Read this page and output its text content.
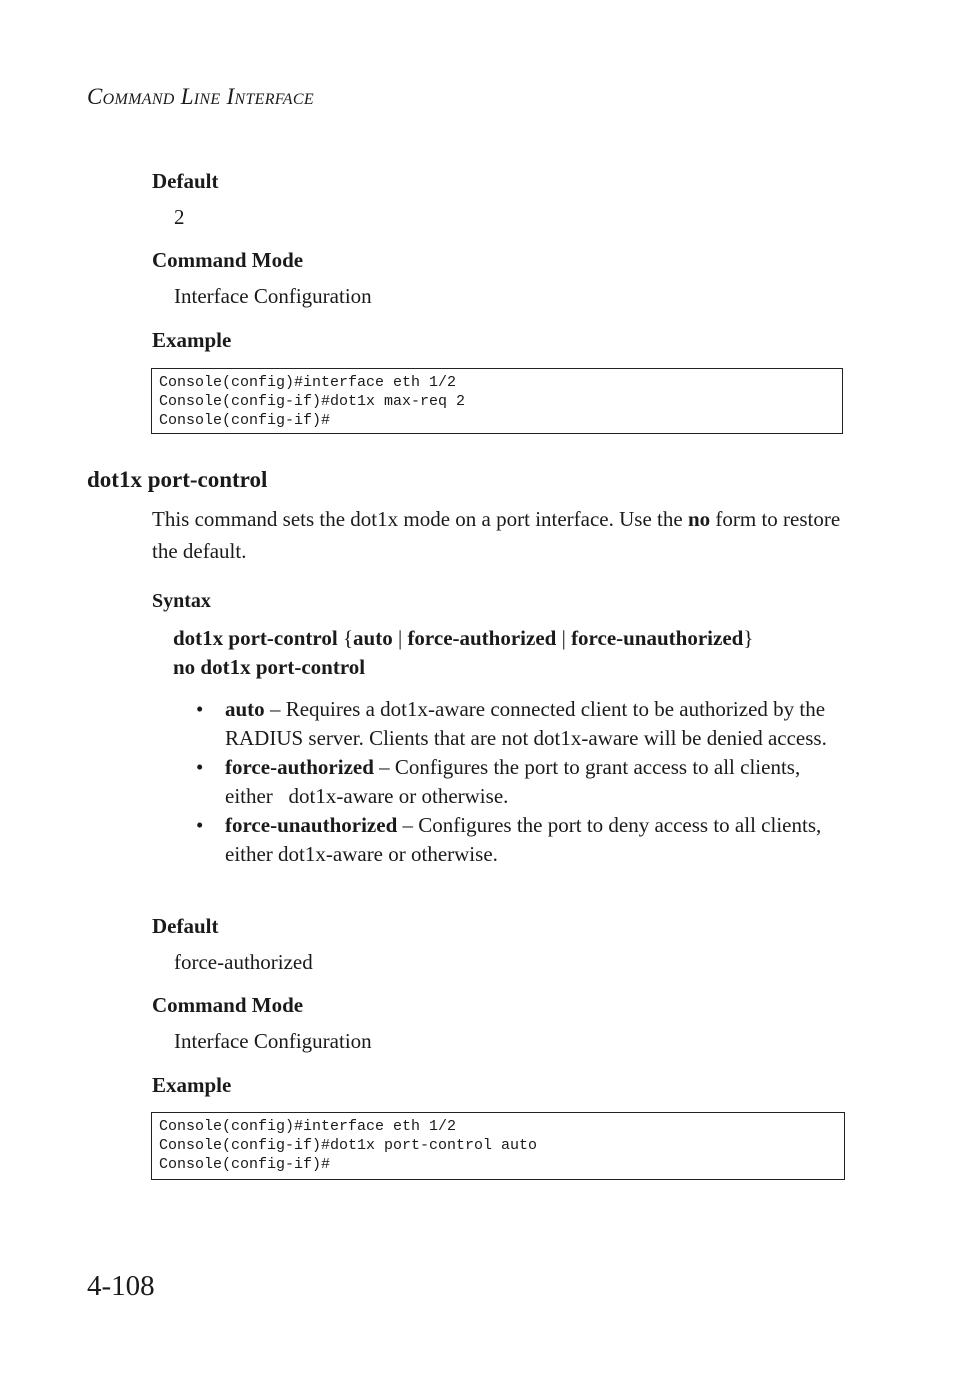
Command Line Interface
Default
2
Command Mode
Interface Configuration
Example
Console(config)#interface eth 1/2
Console(config-if)#dot1x max-req 2
Console(config-if)#
dot1x port-control
This command sets the dot1x mode on a port interface. Use the no form to restore the default.
Syntax
dot1x port-control {auto | force-authorized | force-unauthorized}
no dot1x port-control
• auto – Requires a dot1x-aware connected client to be authorized by the RADIUS server. Clients that are not dot1x-aware will be denied access.
• force-authorized – Configures the port to grant access to all clients, either   dot1x-aware or otherwise.
• force-unauthorized – Configures the port to deny access to all clients, either dot1x-aware or otherwise.
Default
force-authorized
Command Mode
Interface Configuration
Example
Console(config)#interface eth 1/2
Console(config-if)#dot1x port-control auto
Console(config-if)#
4-108
